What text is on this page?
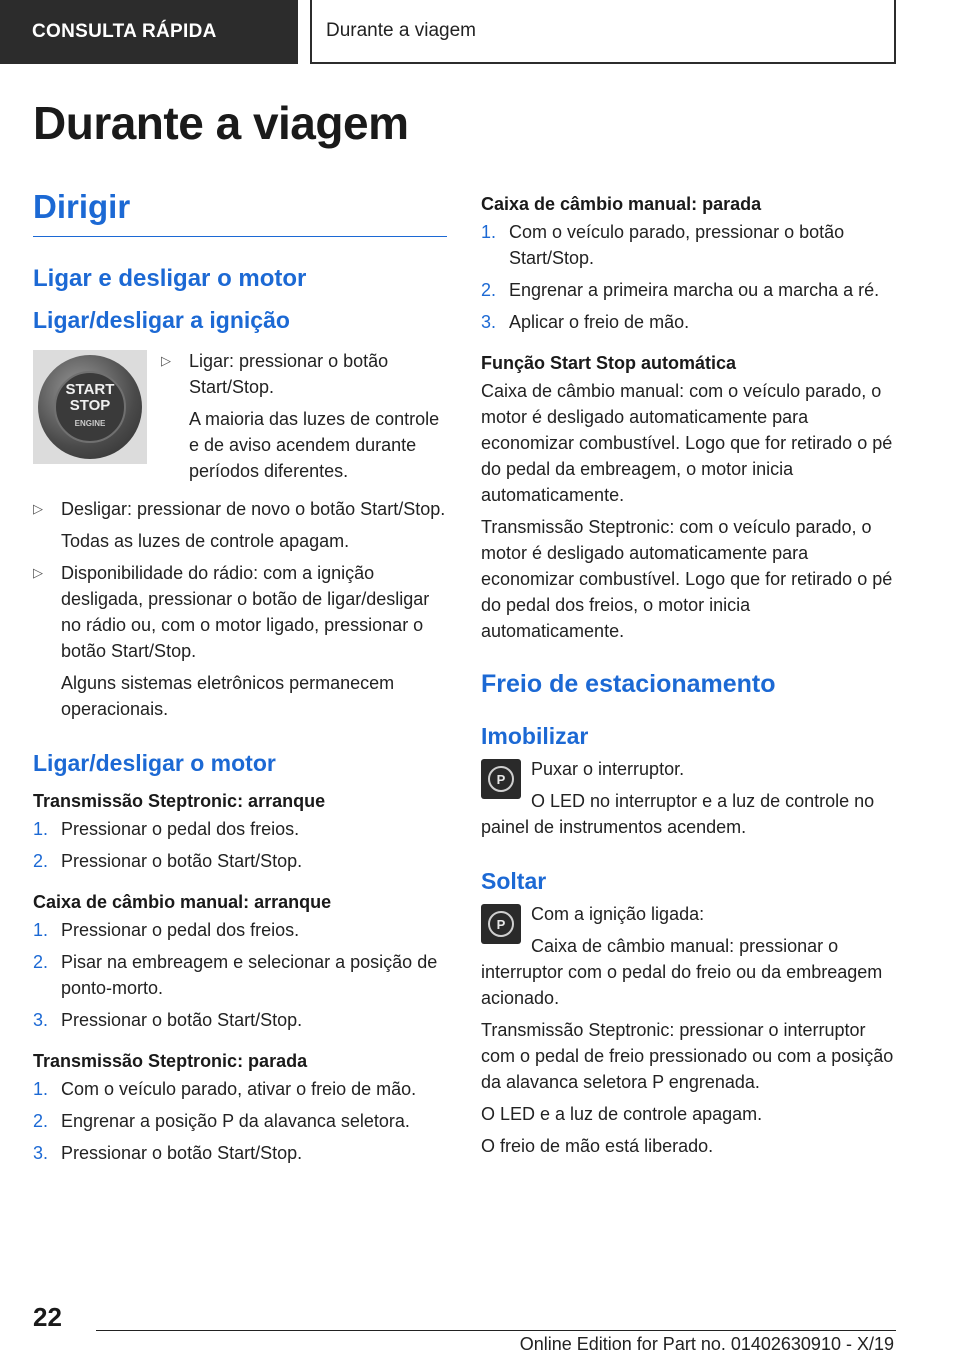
CONSULTA RÁPIDA	Durante a viagem
Durante a viagem
Dirigir
Ligar e desligar o motor
Ligar/desligar a ignição
START
STOP
ENGINE
▷ Ligar: pressionar o botão Start/Stop.

A maioria das luzes de controle e de aviso acendem durante períodos diferentes.

▷ Desligar: pressionar de novo o botão Start/Stop.

Todas as luzes de controle apagam.

▷ Disponibilidade do rádio: com a ignição desligada, pressionar o botão de ligar/desligar no rádio ou, com o motor ligado, pressionar o botão Start/Stop.

Alguns sistemas eletrônicos permanecem operacionais.

Ligar/desligar o motor
Transmissão Steptronic: arranque
1. Pressionar o pedal dos freios.
2. Pressionar o botão Start/Stop.
Caixa de câmbio manual: arranque
1. Pressionar o pedal dos freios.
2. Pisar na embreagem e selecionar a posição de ponto-morto.
3. Pressionar o botão Start/Stop.
Transmissão Steptronic: parada
1. Com o veículo parado, ativar o freio de mão.
2. Engrenar a posição P da alavanca seletora.
3. Pressionar o botão Start/Stop.
Caixa de câmbio manual: parada
1. Com o veículo parado, pressionar o botão Start/Stop.
2. Engrenar a primeira marcha ou a marcha a ré.
3. Aplicar o freio de mão.
Função Start Stop automática

Caixa de câmbio manual: com o veículo parado, o motor é desligado automaticamente para economizar combustível. Logo que for retirado o pé do pedal da embreagem, o motor inicia automaticamente.

Transmissão Steptronic: com o veículo parado, o motor é desligado automaticamente para economizar combustível. Logo que for retirado o pé do pedal dos freios, o motor inicia automaticamente.

Freio de estacionamento
Imobilizar
P	Puxar o interruptor.

O LED no interruptor e a luz de controle no painel de instrumentos acendem.

Soltar
P	Com a ignição ligada:

Caixa de câmbio manual: pressionar o interruptor com o pedal do freio ou da embreagem acionado.

Transmissão Steptronic: pressionar o interruptor com o pedal de freio pressionado ou com a posição da alavanca seletora P engrenada.

O LED e a luz de controle apagam.

O freio de mão está liberado.

22
Online Edition for Part no. 01402630910 - X/19
